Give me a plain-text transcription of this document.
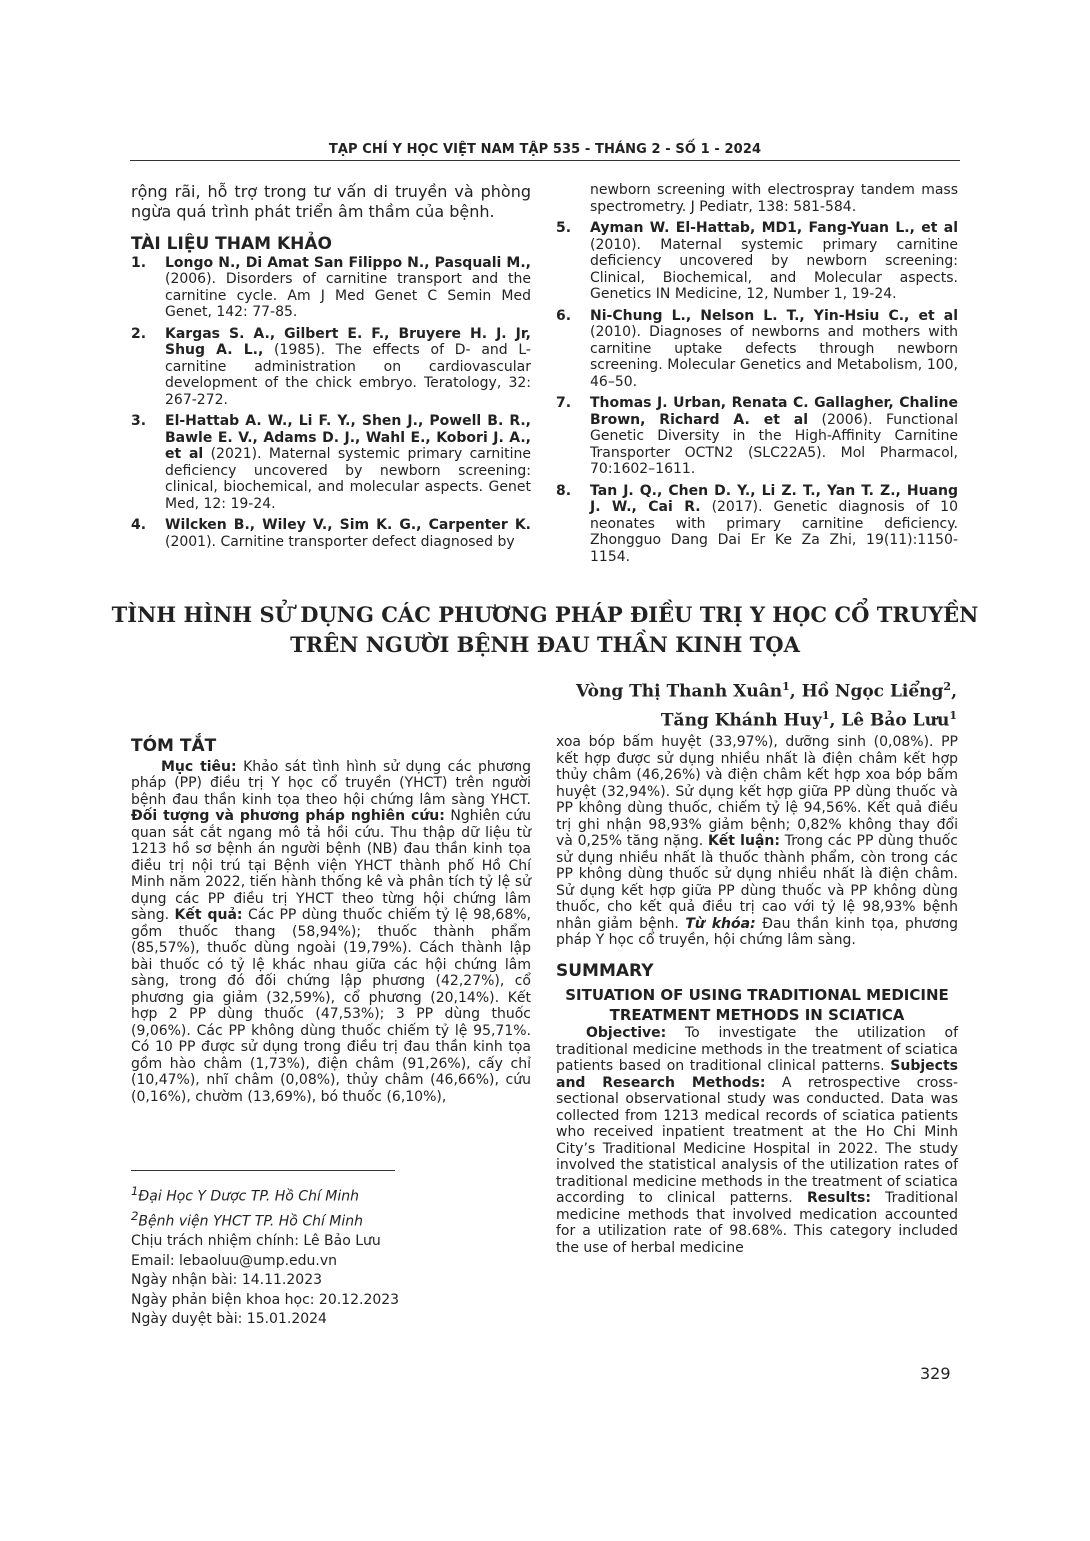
TẠP CHÍ Y HỌC VIỆT NAM TẬP 535 - THÁNG 2 - SỐ 1 - 2024

rộng rãi, hỗ trợ trong tư vấn di truyền và phòng ngừa quá trình phát triển âm thầm của bệnh.

TÀI LIỆU THAM KHẢO
1.	Longo N., Di Amat San Filippo N., Pasquali M., (2006). Disorders of carnitine transport and the carnitine cycle. Am J Med Genet C Semin Med Genet, 142: 77-85.
2.	Kargas S. A., Gilbert E. F., Bruyere H. J. Jr, Shug A. L., (1985). The effects of D- and L-carnitine administration on cardiovascular development of the chick embryo. Teratology, 32: 267-272.
3.	El-Hattab A. W., Li F. Y., Shen J., Powell B. R., Bawle E. V., Adams D. J., Wahl E., Kobori J. A., et al (2021). Maternal systemic primary carnitine deficiency uncovered by newborn screening: clinical, biochemical, and molecular aspects. Genet Med, 12: 19-24.
4.	Wilcken B., Wiley V., Sim K. G., Carpenter K. (2001). Carnitine transporter defect diagnosed by
newborn screening with electrospray tandem mass spectrometry. J Pediatr, 138: 581-584.
5.	Ayman W. El-Hattab, MD1, Fang-Yuan L., et al (2010). Maternal systemic primary carnitine deficiency uncovered by newborn screening: Clinical, Biochemical, and Molecular aspects. Genetics IN Medicine, 12, Number 1, 19-24.
6.	Ni-Chung L., Nelson L. T., Yin-Hsiu C., et al (2010). Diagnoses of newborns and mothers with carnitine uptake defects through newborn screening. Molecular Genetics and Metabolism, 100, 46–50.
7.	Thomas J. Urban, Renata C. Gallagher, Chaline Brown, Richard A. et al (2006). Functional Genetic Diversity in the High-Affinity Carnitine Transporter OCTN2 (SLC22A5). Mol Pharmacol, 70:1602–1611.
8.	Tan J. Q., Chen D. Y., Li Z. T., Yan T. Z., Huang J. W., Cai R. (2017). Genetic diagnosis of 10 neonates with primary carnitine deficiency. Zhongguo Dang Dai Er Ke Za Zhi, 19(11):1150-1154.
TÌNH HÌNH SỬ DỤNG CÁC PHƯƠNG PHÁP ĐIỀU TRỊ Y HỌC CỔ TRUYỀN
TRÊN NGƯỜI BỆNH ĐAU THẦN KINH TỌA
Vòng Thị Thanh Xuân$^1$, Hồ Ngọc Liểng$^2$,
Tăng Khánh Huy$^1$, Lê Bảo Lưu$^1$
TÓM TẮT

Mục tiêu: Khảo sát tình hình sử dụng các phương pháp (PP) điều trị Y học cổ truyền (YHCT) trên người bệnh đau thần kinh tọa theo hội chứng lâm sàng YHCT. Đối tượng và phương pháp nghiên cứu: Nghiên cứu quan sát cắt ngang mô tả hồi cứu. Thu thập dữ liệu từ 1213 hồ sơ bệnh án người bệnh (NB) đau thần kinh tọa điều trị nội trú tại Bệnh viện YHCT thành phố Hồ Chí Minh năm 2022, tiến hành thống kê và phân tích tỷ lệ sử dụng các PP điều trị YHCT theo từng hội chứng lâm sàng. Kết quả: Các PP dùng thuốc chiếm tỷ lệ 98,68%, gồm thuốc thang (58,94%); thuốc thành phẩm (85,57%), thuốc dùng ngoài (19,79%). Cách thành lập bài thuốc có tỷ lệ khác nhau giữa các hội chứng lâm sàng, trong đó đối chứng lập phương (42,27%), cổ phương gia giảm (32,59%), cổ phương (20,14%). Kết hợp 2 PP dùng thuốc (47,53%); 3 PP dùng thuốc (9,06%). Các PP không dùng thuốc chiếm tỷ lệ 95,71%. Có 10 PP được sử dụng trong điều trị đau thần kinh tọa gồm hào châm (1,73%), điện châm (91,26%), cấy chỉ (10,47%), nhĩ châm (0,08%), thủy châm (46,66%), cứu (0,16%), chườm (13,69%), bó thuốc (6,10%),

$^1$Đại Học Y Dược TP. Hồ Chí Minh
$^2$Bệnh viện YHCT TP. Hồ Chí Minh
Chịu trách nhiệm chính: Lê Bảo Lưu
Email: lebaoluu@ump.edu.vn
Ngày nhận bài: 14.11.2023
Ngày phản biện khoa học: 20.12.2023
Ngày duyệt bài: 15.01.2024

xoa bóp bấm huyệt (33,97%), dưỡng sinh (0,08%). PP kết hợp được sử dụng nhiều nhất là điện châm kết hợp thủy châm (46,26%) và điện châm kết hợp xoa bóp bấm huyệt (32,94%). Sử dụng kết hợp giữa PP dùng thuốc và PP không dùng thuốc, chiếm tỷ lệ 94,56%. Kết quả điều trị ghi nhận 98,93% giảm bệnh; 0,82% không thay đổi và 0,25% tăng nặng. Kết luận: Trong các PP dùng thuốc sử dụng nhiều nhất là thuốc thành phẩm, còn trong các PP không dùng thuốc sử dụng nhiều nhất là điện châm. Sử dụng kết hợp giữa PP dùng thuốc và PP không dùng thuốc, cho kết quả điều trị cao với tỷ lệ 98,93% bệnh nhân giảm bệnh. Từ khóa: Đau thần kinh tọa, phương pháp Y học cổ truyền, hội chứng lâm sàng.

SUMMARY
SITUATION OF USING TRADITIONAL MEDICINE
TREATMENT METHODS IN SCIATICA

Objective: To investigate the utilization of traditional medicine methods in the treatment of sciatica patients based on traditional clinical patterns. Subjects and Research Methods: A retrospective cross-sectional observational study was conducted. Data was collected from 1213 medical records of sciatica patients who received inpatient treatment at the Ho Chi Minh City’s Traditional Medicine Hospital in 2022. The study involved the statistical analysis of the utilization rates of traditional medicine methods in the treatment of sciatica according to clinical patterns. Results: Traditional medicine methods that involved medication accounted for a utilization rate of 98.68%. This category included the use of herbal medicine

329
